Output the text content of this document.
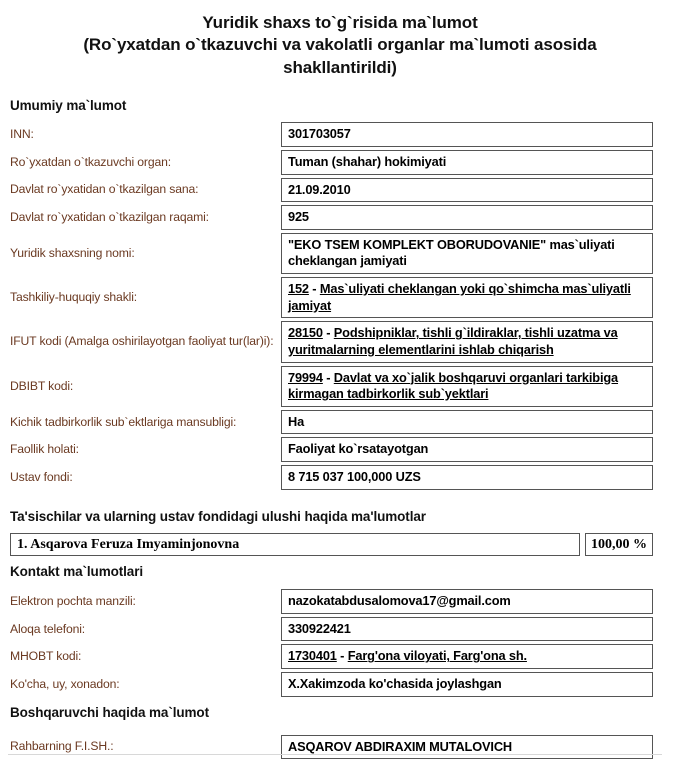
Yuridik shaxs to`g`risida ma`lumot
(Ro`yxatdan o`tkazuvchi va vakolatli organlar ma`lumoti asosida
shakllantirildi)
Umumiy ma`lumot
INN:	301703057
Ro`yxatdan o`tkazuvchi organ:	Tuman (shahar) hokimiyati
Davlat ro`yxatidan o`tkazilgan sana:	21.09.2010
Davlat ro`yxatidan o`tkazilgan raqami:	925
Yuridik shaxsning nomi:
"EKO TSEM KOMPLEKT OBORUDOVANIE" mas`uliyati cheklangan jamiyati
Tashkiliy-huquqiy shakli:
152 - Mas`uliyati cheklangan yoki qo`shimcha mas`uliyatli jamiyat
IFUT kodi (Amalga oshirilayotgan faoliyat tur(lar)i):
28150 - Podshipniklar, tishli g`ildiraklar, tishli uzatma va yuritmalarning elementlarini ishlab chiqarish
DBIBT kodi:
79994 - Davlat va xo`jalik boshqaruvi organlari tarkibiga kirmagan tadbirkorlik sub`yektlari
Kichik tadbirkorlik sub`ektlariga mansubligi:	Ha
Faollik holati:	Faoliyat ko`rsatayotgan
Ustav fondi:	8 715 037 100,000 UZS
Ta'sischilar va ularning ustav fondidagi ulushi haqida ma'lumotlar
1. Asqarova Feruza Imyaminjonovna	100,00 %
Kontakt ma`lumotlari
Elektron pochta manzili:	nazokatabdusalomova17@gmail.com
Aloqa telefoni:	330922421
MHOBT kodi:	1730401 - Farg'ona viloyati, Farg'ona sh.
Ko'cha, uy, xonadon:	X.Xakimzoda ko'chasida joylashgan
Boshqaruvchi haqida ma`lumot
Rahbarning F.I.SH.:	ASQAROV ABDIRAXIM MUTALOVICH
